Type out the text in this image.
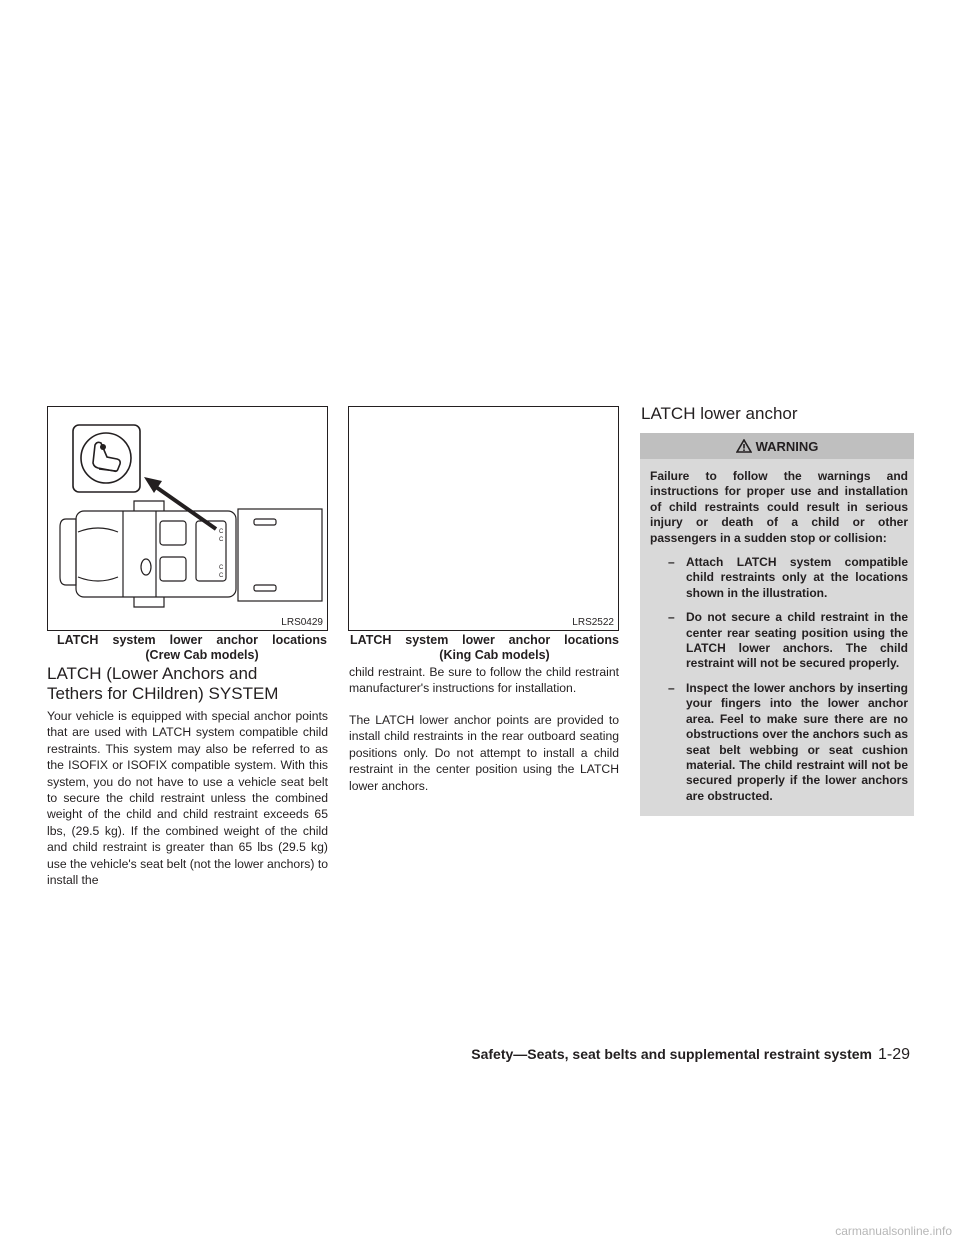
C
C
C
C
LRS0429
LATCH system lower anchor locations
(Crew Cab models)
LRS2522
LATCH system lower anchor locations
(King Cab models)
LATCH (Lower Anchors and Tethers for CHildren) SYSTEM
Your vehicle is equipped with special anchor points that are used with LATCH system compatible child restraints. This system may also be referred to as the ISOFIX or ISOFIX compatible system. With this system, you do not have to use a vehicle seat belt to secure the child restraint unless the combined weight of the child and child restraint exceeds 65 lbs, (29.5 kg). If the combined weight of the child and child restraint is greater than 65 lbs (29.5 kg) use the vehicle's seat belt (not the lower anchors) to install the
child restraint. Be sure to follow the child restraint manufacturer's instructions for installation.
The LATCH lower anchor points are provided to install child restraints in the rear outboard seating positions only. Do not attempt to install a child restraint in the center position using the LATCH lower anchors.
LATCH lower anchor
WARNING
Failure to follow the warnings and instructions for proper use and installation of child restraints could result in serious injury or death of a child or other passengers in a sudden stop or collision:
– Attach LATCH system compatible child restraints only at the locations shown in the illustration.
– Do not secure a child restraint in the center rear seating position using the LATCH lower anchors. The child restraint will not be secured properly.
– Inspect the lower anchors by inserting your fingers into the lower anchor area. Feel to make sure there are no obstructions over the anchors such as seat belt webbing or seat cushion material. The child restraint will not be secured properly if the lower anchors are obstructed.
Safety—Seats, seat belts and supplemental restraint system 1-29
carmanualsonline.info
